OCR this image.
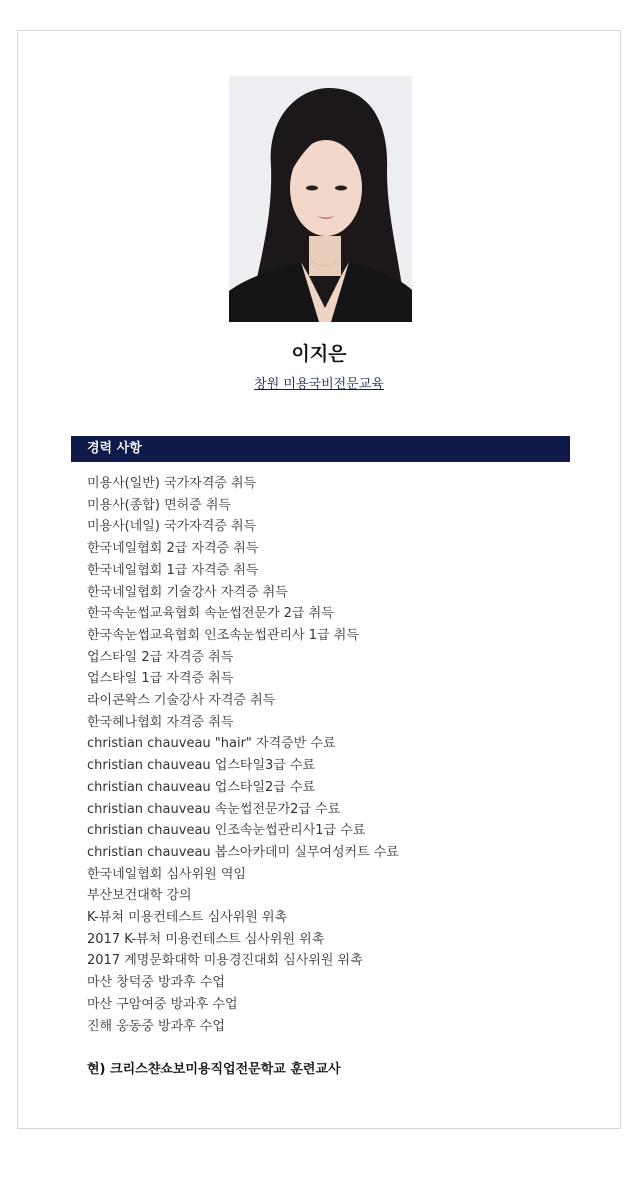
이지은
창원 미용국비전문교육
경력 사항
미용사(일반) 국가자격증 취득
미용사(종합) 면허증 취득
미용사(네일) 국가자격증 취득
한국네일협회 2급 자격증 취득
한국네일협회 1급 자격증 취득
한국네일협회 기술강사 자격증 취득
한국속눈썹교육협회 속눈썹전문가 2급 취득
한국속눈썹교육협회 인조속눈썹관리사 1급 취득
업스타일 2급 자격증 취득
업스타일 1급 자격증 취득
라이콘왁스 기술강사 자격증 취득
한국헤나협회 자격증 취득
christian chauveau "hair" 자격증반 수료
christian chauveau 업스타일3급 수료
christian chauveau 업스타일2급 수료
christian chauveau 속눈썹전문가2급 수료
christian chauveau 인조속눈썹관리사1급 수료
christian chauveau 봅스아카데미 실무여성커트 수료
한국네일협회 심사위원 역임
부산보건대학 강의
K-뷰쳐 미용컨테스트 심사위원 위촉
2017 K-뷰처 미용컨테스트 심사위원 위촉
2017 계명문화대학 미용경진대회 심사위원 위촉
마산 창덕중 방과후 수업
마산 구암여중 방과후 수업
진해 웅동중 방과후 수업
현) 크리스챤쇼보미용직업전문학교 훈련교사
